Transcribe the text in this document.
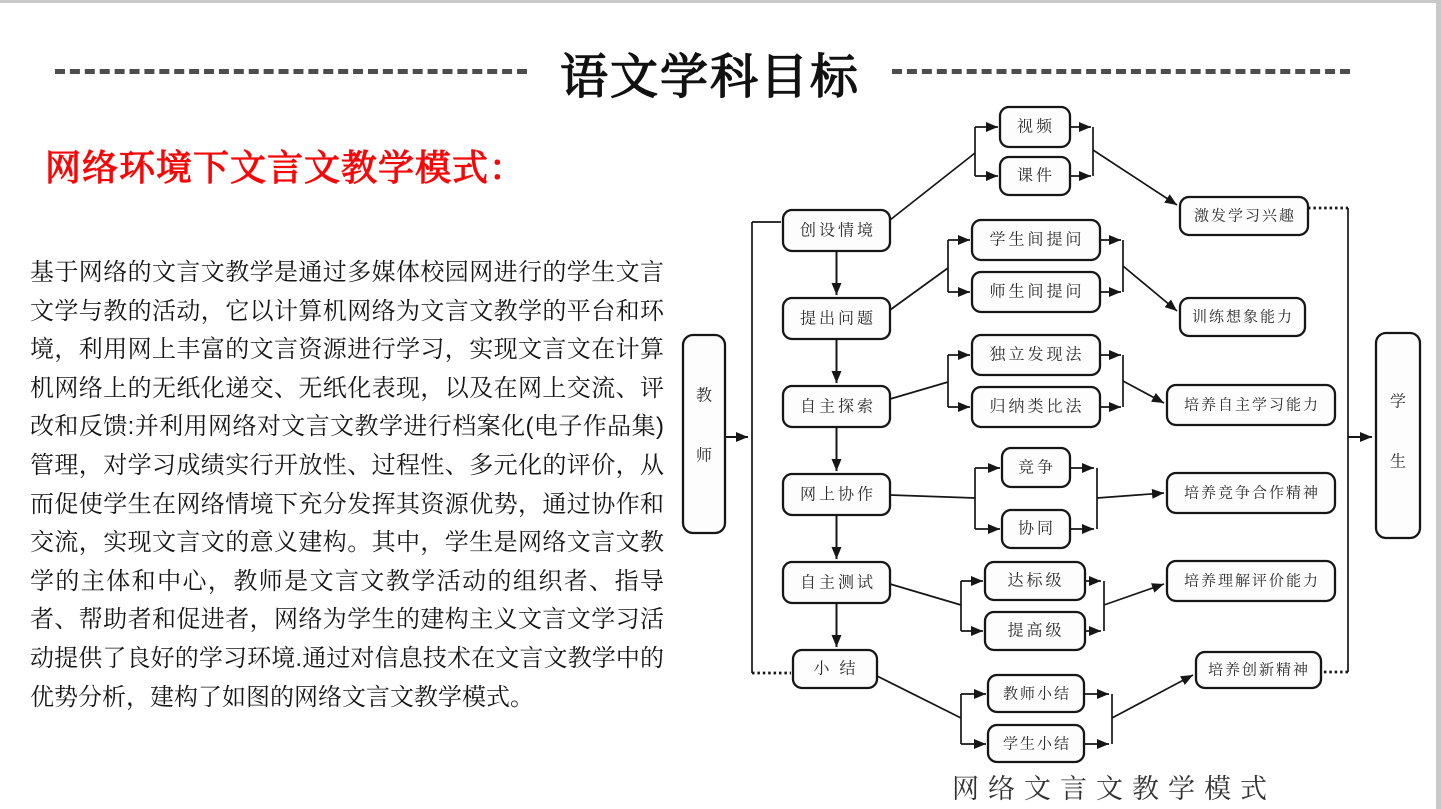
语文学科目标
网络环境下文言文教学模式：
基于网络的文言文教学是通过多媒体校园网进行的学生文言文学与教的活动，它以计算机网络为文言文教学的平台和环境，利用网上丰富的文言资源进行学习，实现文言文在计算机网络上的无纸化递交、无纸化表现，以及在网上交流、评改和反馈:并利用网络对文言文教学进行档案化(电子作品集)管理，对学习成绩实行开放性、过程性、多元化的评价，从而促使学生在网络情境下充分发挥其资源优势，通过协作和交流，实现文言文的意义建构。其中，学生是网络文言文教学的主体和中心，教师是文言文教学活动的组织者、指导者、帮助者和促进者，网络为学生的建构主义文言文学习活动提供了良好的学习环境.通过对信息技术在文言文教学中的优势分析，建构了如图的网络文言文教学模式。
教
师
学
生
创设情境
提出问题
自主探索
网上协作
自主测试
小 结
视频
课件
学生间提问
师生间提问
独立发现法
归纳类比法
竞争
协同
达标级
提高级
教师小结
学生小结
激发学习兴趣
训练想象能力
培养自主学习能力
培养竞争合作精神
培养理解评价能力
培养创新精神
网络文言文教学模式
